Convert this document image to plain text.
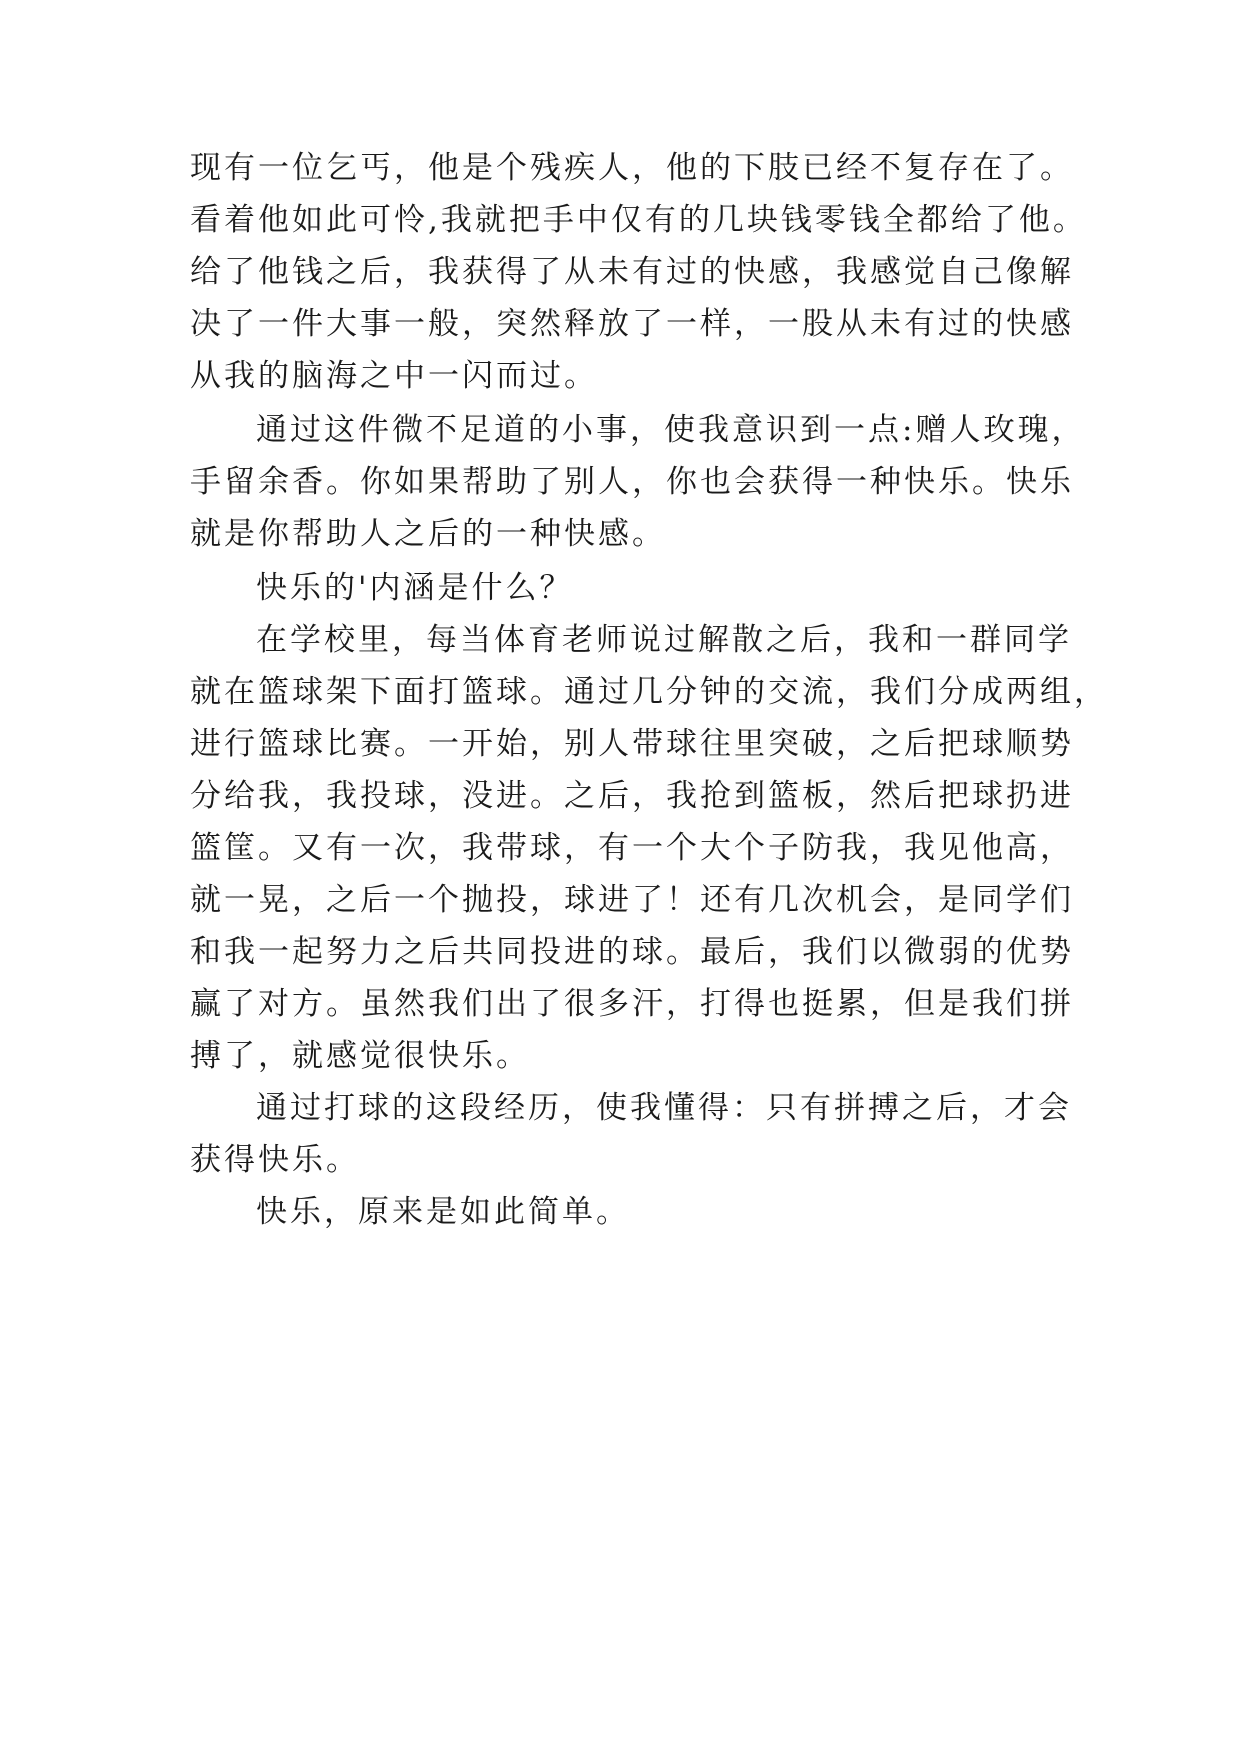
现有一位乞丐，他是个残疾人，他的下肢已经不复存在了。
看着他如此可怜,我就把手中仅有的几块钱零钱全都给了他。
给了他钱之后，我获得了从未有过的快感，我感觉自己像解
决了一件大事一般，突然释放了一样，一股从未有过的快感
从我的脑海之中一闪而过。
通过这件微不足道的小事，使我意识到一点:赠人玫瑰，
手留余香。你如果帮助了别人，你也会获得一种快乐。快乐
就是你帮助人之后的一种快感。
快乐的'内涵是什么？
在学校里，每当体育老师说过解散之后，我和一群同学
就在篮球架下面打篮球。通过几分钟的交流，我们分成两组，
进行篮球比赛。一开始，别人带球往里突破，之后把球顺势
分给我，我投球，没进。之后，我抢到篮板，然后把球扔进
篮筐。又有一次，我带球，有一个大个子防我，我见他高，
就一晃，之后一个抛投，球进了！还有几次机会，是同学们
和我一起努力之后共同投进的球。最后，我们以微弱的优势
赢了对方。虽然我们出了很多汗，打得也挺累，但是我们拼
搏了，就感觉很快乐。
通过打球的这段经历，使我懂得：只有拼搏之后，才会
获得快乐。
快乐，原来是如此简单。
